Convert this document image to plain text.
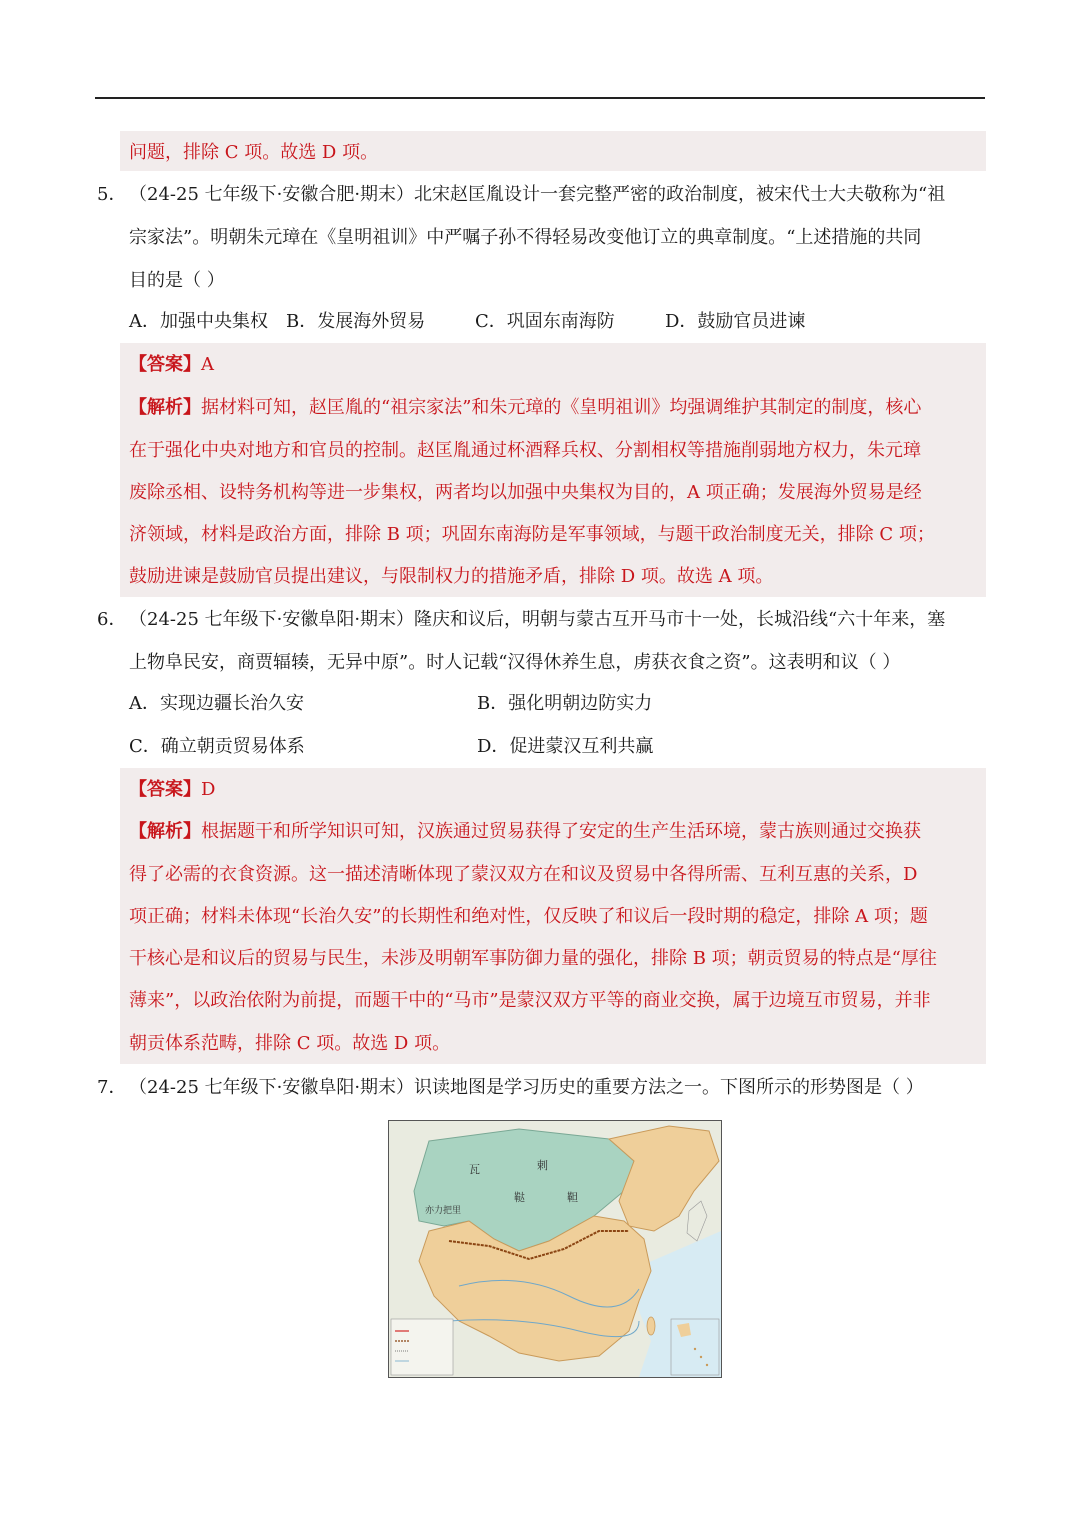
问题，排除 C 项。故选 D 项。
5． （24-25 七年级下·安徽合肥·期末）北宋赵匡胤设计一套完整严密的政治制度，被宋代士大夫敬称为“祖
宗家法”。明朝朱元璋在《皇明祖训》中严嘱子孙不得轻易改变他订立的典章制度。“上述措施的共同
目的是（ ）
A．加强中央集权 B．发展海外贸易	C．巩固东南海防	D．鼓励官员进谏
【答案】A
【解析】据材料可知，赵匡胤的“祖宗家法”和朱元璋的《皇明祖训》均强调维护其制定的制度，核心
在于强化中央对地方和官员的控制。赵匡胤通过杯酒释兵权、分割相权等措施削弱地方权力，朱元璋
废除丞相、设特务机构等进一步集权，两者均以加强中央集权为目的，A 项正确；发展海外贸易是经
济领域，材料是政治方面，排除 B 项；巩固东南海防是军事领域，与题干政治制度无关，排除 C 项；
鼓励进谏是鼓励官员提出建议，与限制权力的措施矛盾，排除 D 项。故选 A 项。
6． （24-25 七年级下·安徽阜阳·期末）隆庆和议后，明朝与蒙古互开马市十一处，长城沿线“六十年来，塞
上物阜民安，商贾辐辏，无异中原”。时人记载“汉得休养生息，虏获衣食之资”。这表明和议（ ）
A．实现边疆长治久安	B．强化明朝边防实力
C．确立朝贡贸易体系	D．促进蒙汉互利共赢
【答案】D
【解析】根据题干和所学知识可知，汉族通过贸易获得了安定的生产生活环境，蒙古族则通过交换获
得了必需的衣食资源。这一描述清晰体现了蒙汉双方在和议及贸易中各得所需、互利互惠的关系，D
项正确；材料未体现“长治久安”的长期性和绝对性，仅反映了和议后一段时期的稳定，排除 A 项；题
干核心是和议后的贸易与民生，未涉及明朝军事防御力量的强化，排除 B 项；朝贡贸易的特点是“厚往
薄来”，以政治依附为前提，而题干中的“马市”是蒙汉双方平等的商业交换，属于边境互市贸易，并非
朝贡体系范畴，排除 C 项。故选 D 项。
7． （24-25 七年级下·安徽阜阳·期末）识读地图是学习历史的重要方法之一。下图所示的形势图是（ ）
瓦	剌
鞑	靼
亦力把里
